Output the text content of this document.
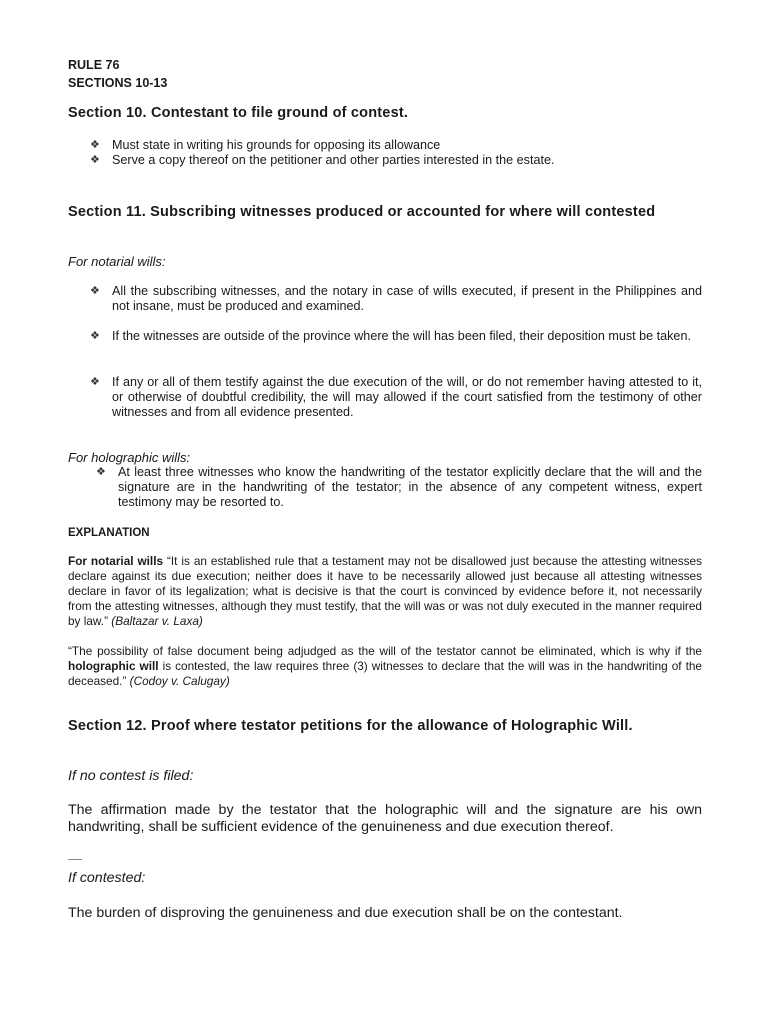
RULE 76
SECTIONS 10-13
Section 10. Contestant to file ground of contest.
❖ Must state in writing his grounds for opposing its allowance
❖ Serve a copy thereof on the petitioner and other parties interested in the estate.
Section 11. Subscribing witnesses produced or accounted for where will contested
For notarial wills:
❖ All the subscribing witnesses, and the notary in case of wills executed, if present in the Philippines and not insane, must be produced and examined.
❖ If the witnesses are outside of the province where the will has been filed, their deposition must be taken.
❖ If any or all of them testify against the due execution of the will, or do not remember having attested to it, or otherwise of doubtful credibility, the will may allowed if the court satisfied from the testimony of other witnesses and from all evidence presented.
For holographic wills:
❖ At least three witnesses who know the handwriting of the testator explicitly declare that the will and the signature are in the handwriting of the testator; in the absence of any competent witness, expert testimony may be resorted to.
EXPLANATION
For notarial wills “It is an established rule that a testament may not be disallowed just because the attesting witnesses declare against its due execution; neither does it have to be necessarily allowed just because all attesting witnesses declare in favor of its legalization; what is decisive is that the court is convinced by evidence before it, not necessarily from the attesting witnesses, although they must testify, that the will was or was not duly executed in the manner required by law.” (Baltazar v. Laxa)
“The possibility of false document being adjudged as the will of the testator cannot be eliminated, which is why if the holographic will is contested, the law requires three (3) witnesses to declare that the will was in the handwriting of the deceased.” (Codoy v. Calugay)
Section 12. Proof where testator petitions for the allowance of Holographic Will.
If no contest is filed:
The affirmation made by the testator that the holographic will and the signature are his own handwriting, shall be sufficient evidence of the genuineness and due execution thereof.
If contested:
The burden of disproving the genuineness and due execution shall be on the contestant.
